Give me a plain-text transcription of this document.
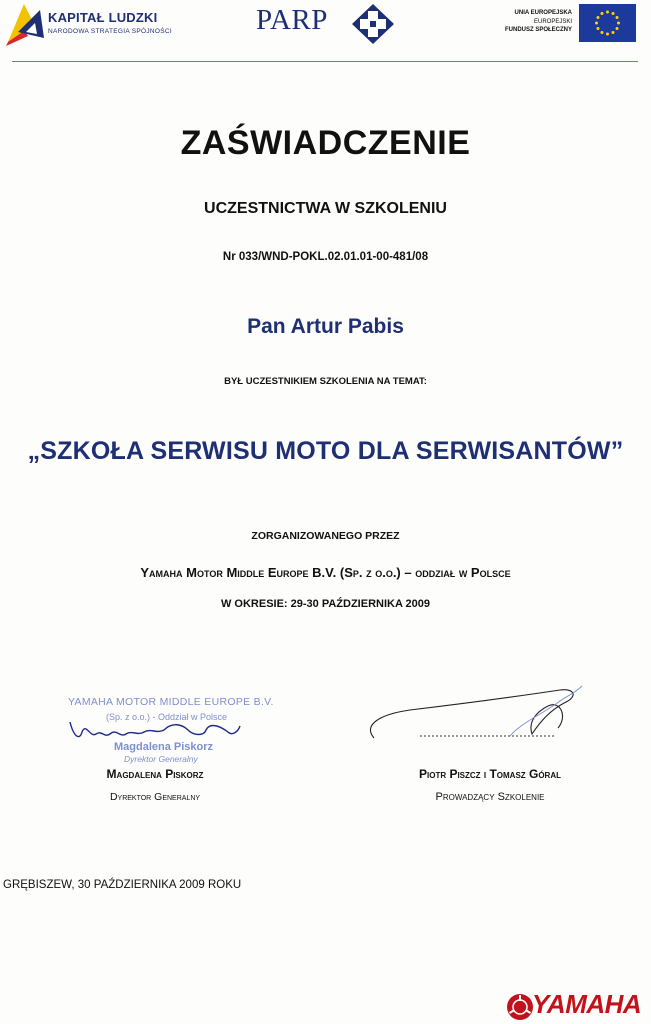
KAPITAŁ LUDZKI
NARODOWA STRATEGIA SPÓJNOŚCI	PARP	UNIA EUROPEJSKA
EUROPEJSKI
FUNDUSZ SPOŁECZNY
ZAŚWIADCZENIE
UCZESTNICTWA W SZKOLENIU
Nr 033/WND-POKL.02.01.01-00-481/08
Pan Artur Pabis
BYŁ UCZESTNIKIEM SZKOLENIA NA TEMAT:
„SZKOŁA SERWISU MOTO DLA SERWISANTÓW”
ZORGANIZOWANEGO PRZEZ
Yamaha Motor Middle Europe B.V. (Sp. z o.o.) – oddział w Polsce
W OKRESIE: 29-30 PAŹDZIERNIKA 2009
YAMAHA MOTOR MIDDLE EUROPE B.V.
(Sp. z o.o.) - Oddział w Polsce
Magdalena Piskorz
Dyrektor Generalny
Magdalena Piskorz
Dyrektor Generalny
Piotr Piszcz i Tomasz Góral
Prowadzący Szkolenie
GRĘBISZEW, 30 PAŹDZIERNIKA 2009 ROKU
YAMAHA
